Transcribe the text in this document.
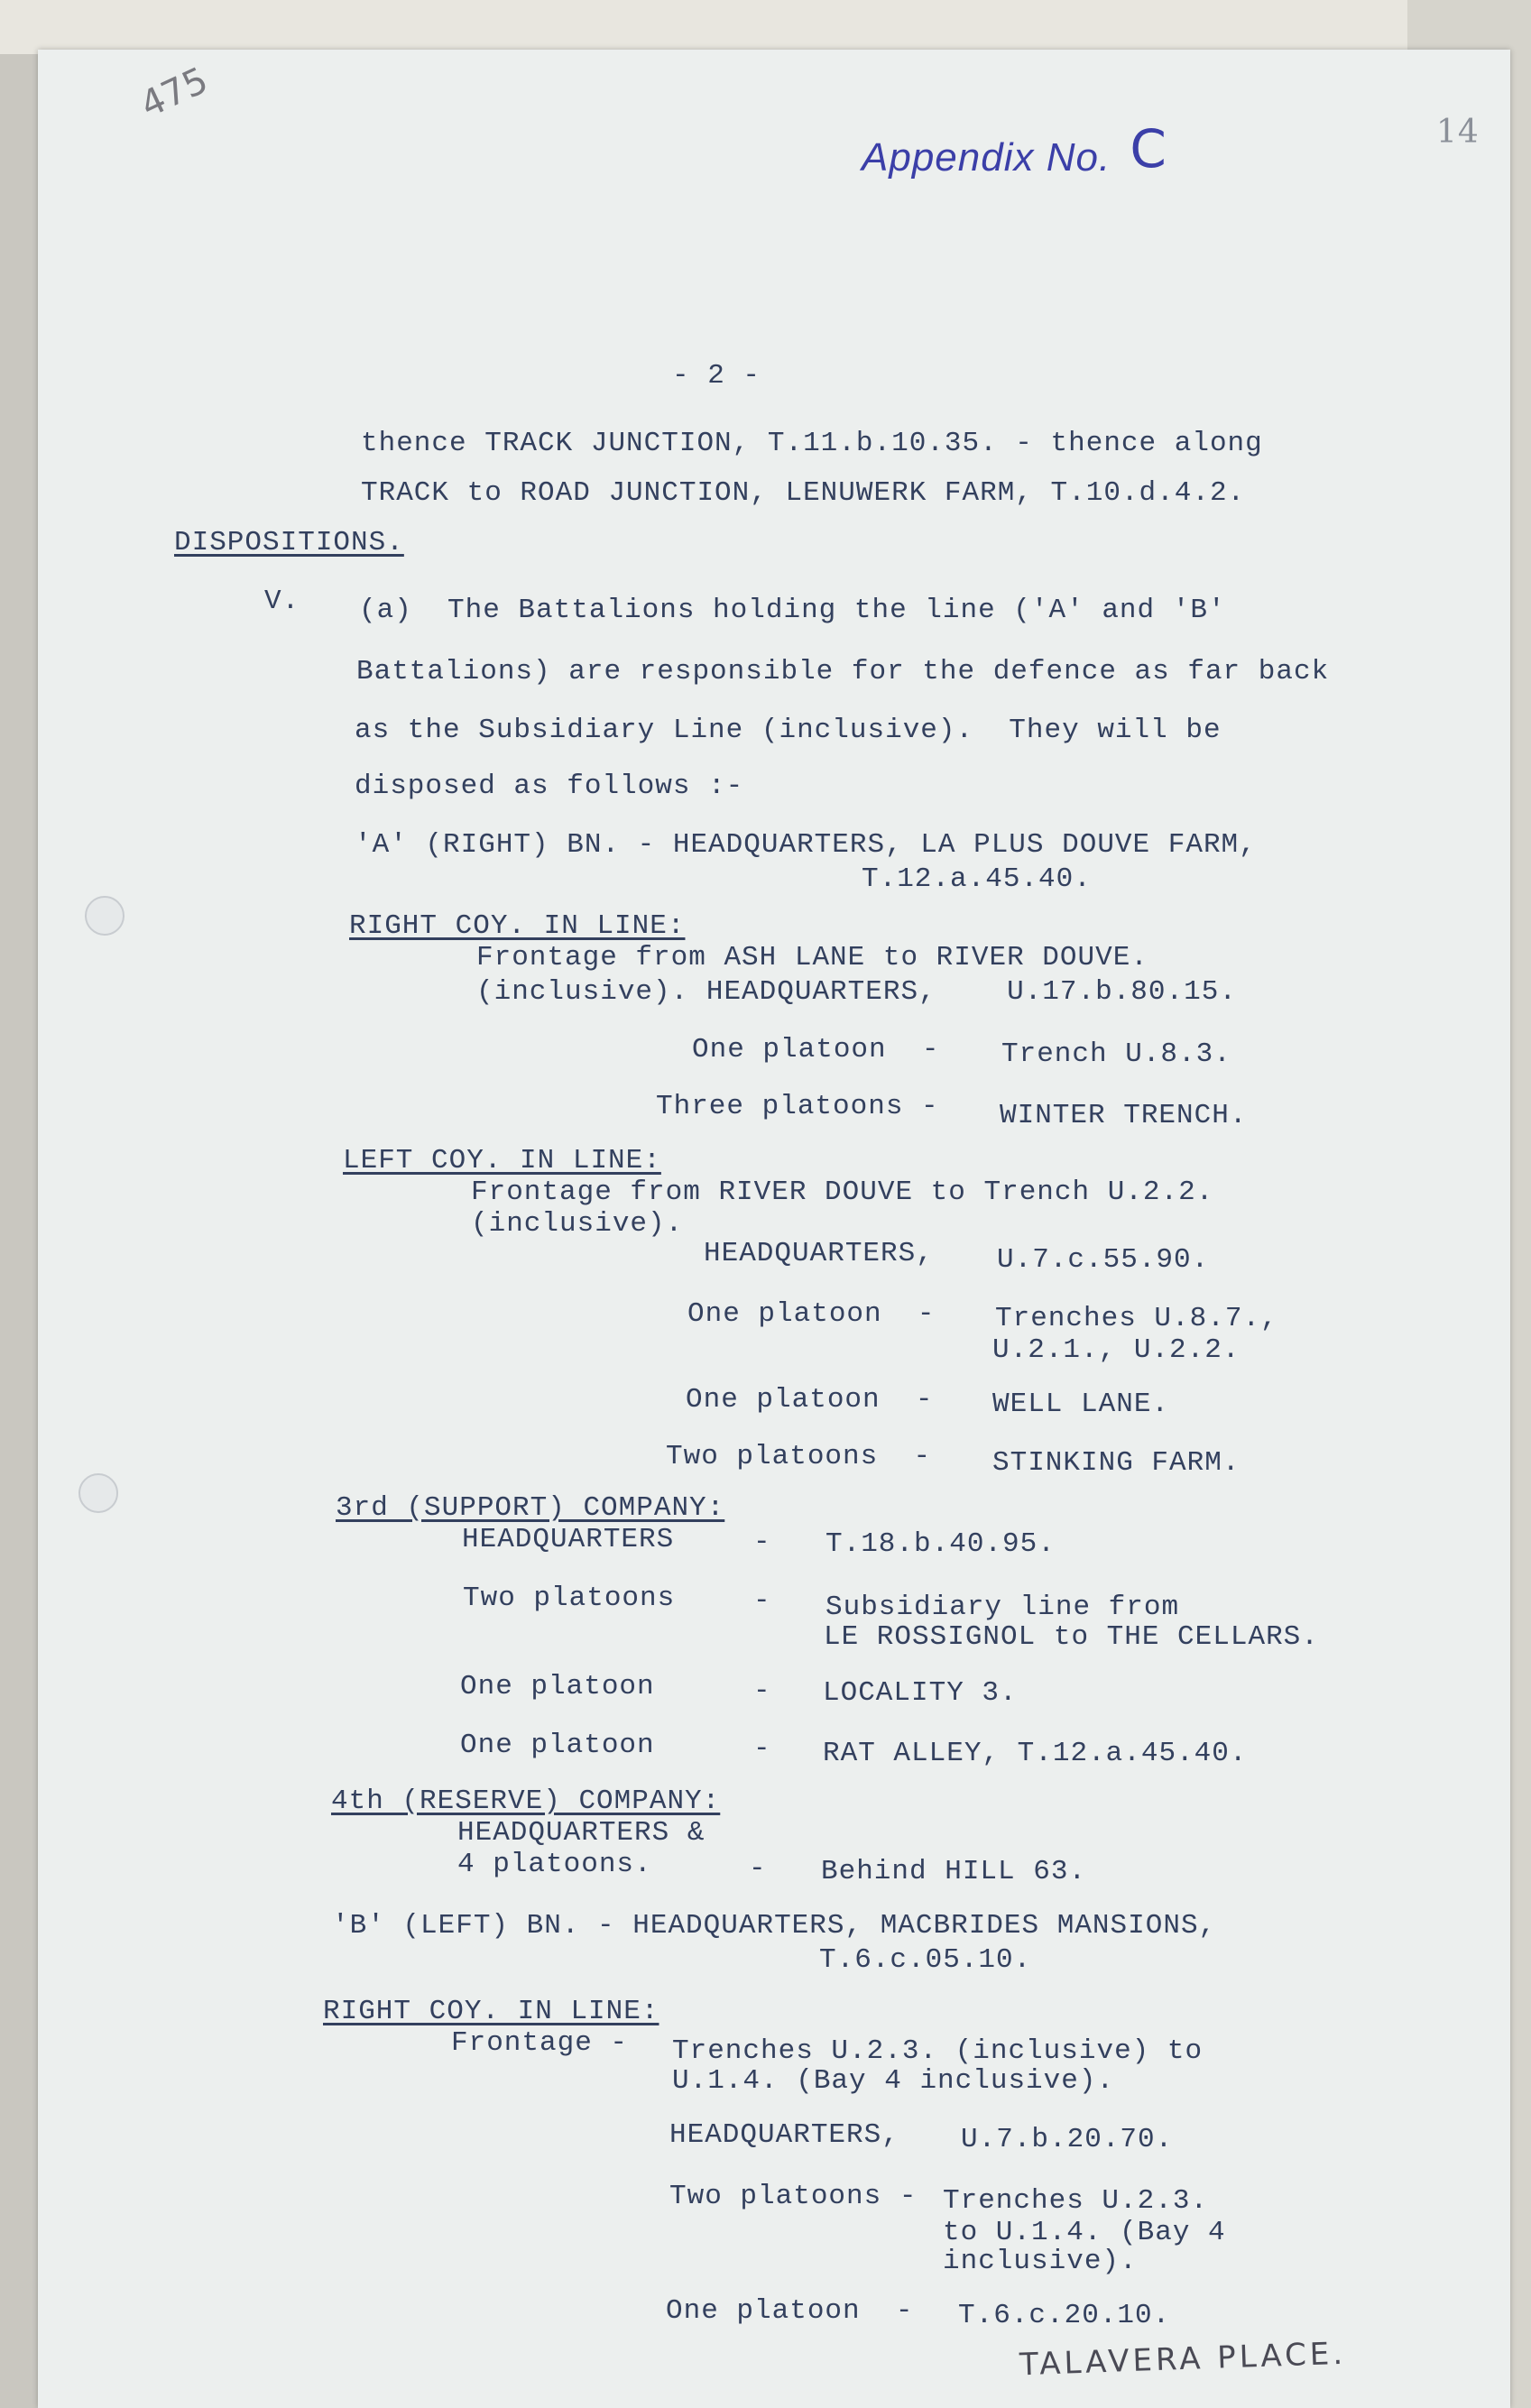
475
Appendix No. C	14
- 2 -
thence TRACK JUNCTION, T.11.b.10.35. - thence along
TRACK to ROAD JUNCTION, LENUWERK FARM, T.10.d.4.2.
DISPOSITIONS.
V. (a)  The Battalions holding the line ('A' and 'B'
Battalions) are responsible for the defence as far back
as the Subsidiary Line (inclusive).  They will be
disposed as follows :-
'A' (RIGHT) BN. - HEADQUARTERS, LA PLUS DOUVE FARM,
T.12.a.45.40.
RIGHT COY. IN LINE:
Frontage from ASH LANE to RIVER DOUVE.
(inclusive). HEADQUARTERS,    U.17.b.80.15.
One platoon  - Trench U.8.3.
Three platoons - WINTER TRENCH.
LEFT COY. IN LINE:
Frontage from RIVER DOUVE to Trench U.2.2.
(inclusive).
HEADQUARTERS, U.7.c.55.90.
One platoon  - Trenches U.8.7.,
U.2.1., U.2.2.
One platoon  - WELL LANE.
Two platoons  - STINKING FARM.
3rd (SUPPORT) COMPANY:
HEADQUARTERS	- T.18.b.40.95.
Two platoons	- Subsidiary line from
LE ROSSIGNOL to THE CELLARS.
One platoon	- LOCALITY 3.
One platoon	- RAT ALLEY, T.12.a.45.40.
4th (RESERVE) COMPANY:
HEADQUARTERS &
4 platoons.	- Behind HILL 63.
'B' (LEFT) BN. - HEADQUARTERS, MACBRIDES MANSIONS,
T.6.c.05.10.
RIGHT COY. IN LINE:
Frontage - Trenches U.2.3. (inclusive) to
U.1.4. (Bay 4 inclusive).
HEADQUARTERS, U.7.b.20.70.
Two platoons - Trenches U.2.3.
to U.1.4. (Bay 4
inclusive).
One platoon  - T.6.c.20.10.
TALAVERA PLACE.
